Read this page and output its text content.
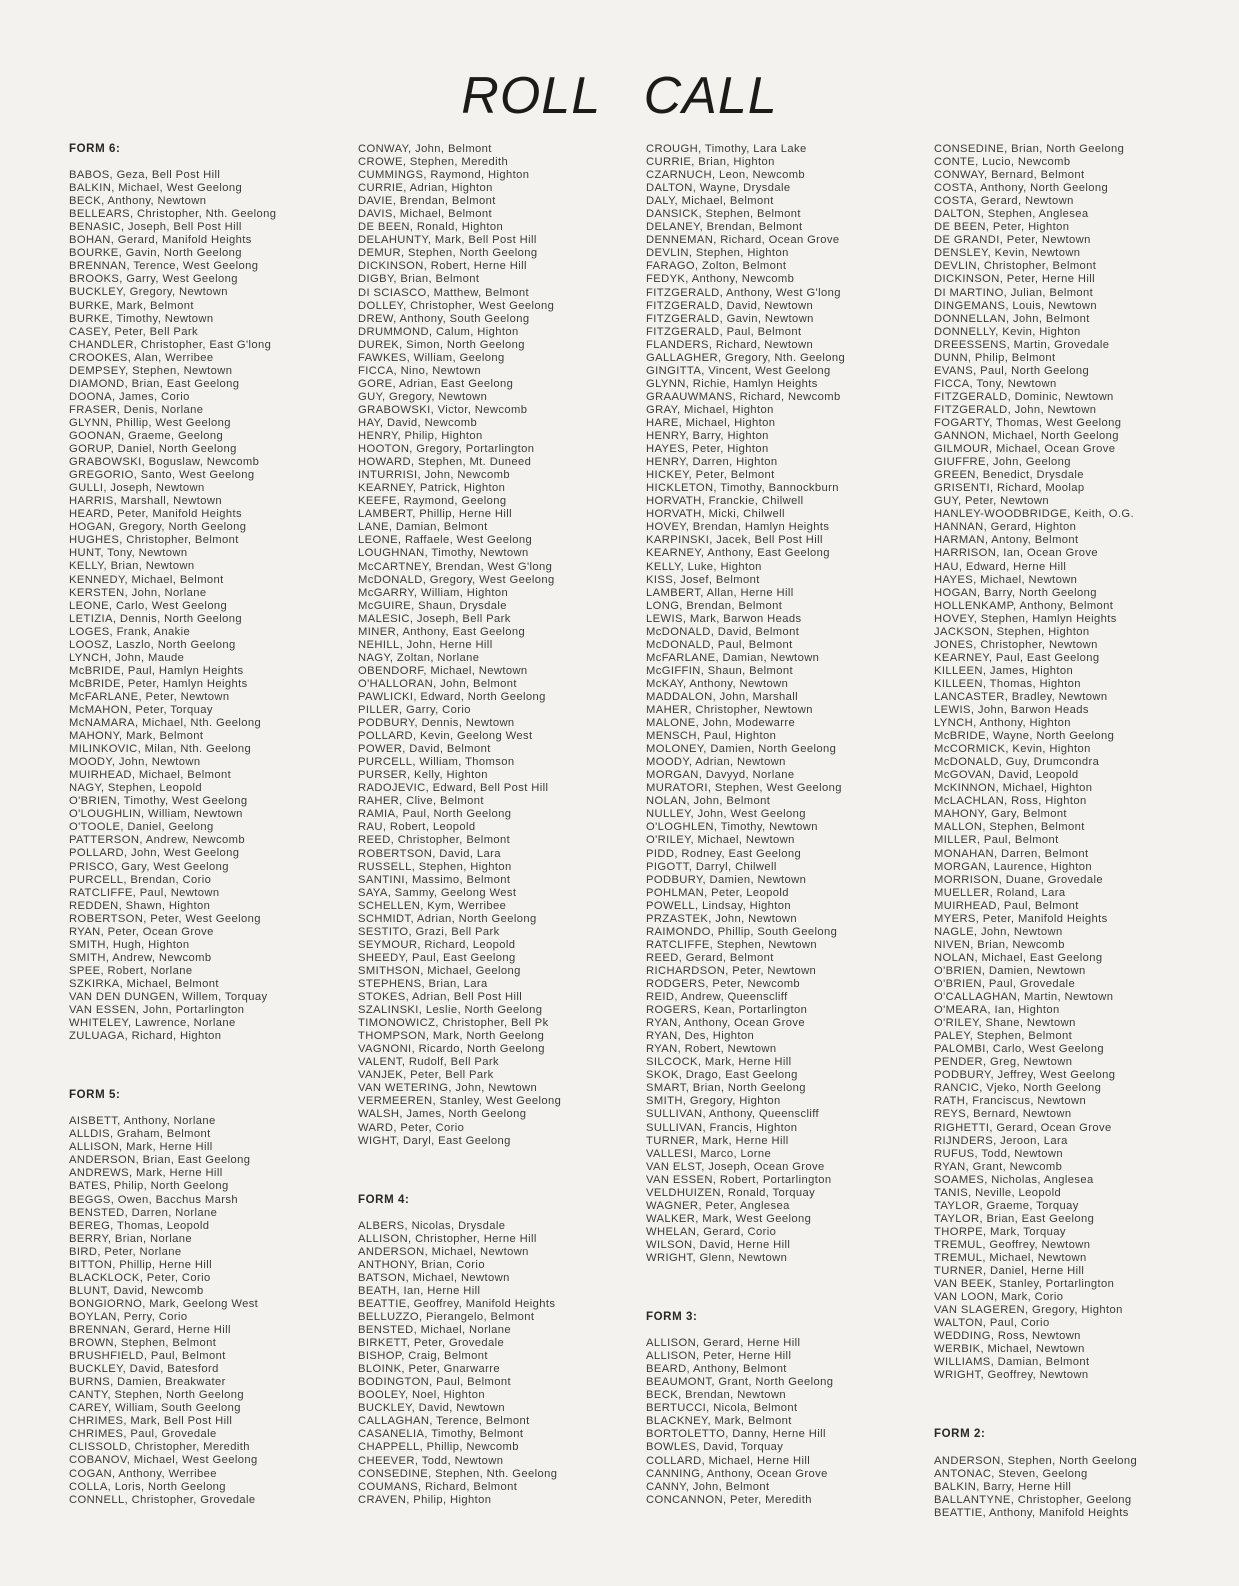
ROLL CALL
FORM 6:
BABOS, Geza, Bell Post Hill
BALKIN, Michael, West Geelong
BECK, Anthony, Newtown
BELLEARS, Christopher, Nth. Geelong
BENASIC, Joseph, Bell Post Hill
BOHAN, Gerard, Manifold Heights
BOURKE, Gavin, North Geelong
BRENNAN, Terence, West Geelong
BROOKS, Garry, West Geelong
BUCKLEY, Gregory, Newtown
BURKE, Mark, Belmont
BURKE, Timothy, Newtown
CASEY, Peter, Bell Park
CHANDLER, Christopher, East G'long
CROOKES, Alan, Werribee
DEMPSEY, Stephen, Newtown
DIAMOND, Brian, East Geelong
DOONA, James, Corio
FRASER, Denis, Norlane
GLYNN, Phillip, West Geelong
GOONAN, Graeme, Geelong
GORUP, Daniel, North Geelong
GRABOWSKI, Boguslaw, Newcomb
GREGORIO, Santo, West Geelong
GULLI, Joseph, Newtown
HARRIS, Marshall, Newtown
HEARD, Peter, Manifold Heights
HOGAN, Gregory, North Geelong
HUGHES, Christopher, Belmont
HUNT, Tony, Newtown
KELLY, Brian, Newtown
KENNEDY, Michael, Belmont
KERSTEN, John, Norlane
LEONE, Carlo, West Geelong
LETIZIA, Dennis, North Geelong
LOGES, Frank, Anakie
LOOSZ, Laszlo, North Geelong
LYNCH, John, Maude
McBRIDE, Paul, Hamlyn Heights
McBRIDE, Peter, Hamlyn Heights
McFARLANE, Peter, Newtown
McMAHON, Peter, Torquay
McNAMARA, Michael, Nth. Geelong
MAHONY, Mark, Belmont
MILINKOVIC, Milan, Nth. Geelong
MOODY, John, Newtown
MUIRHEAD, Michael, Belmont
NAGY, Stephen, Leopold
O'BRIEN, Timothy, West Geelong
O'LOUGHLIN, William, Newtown
O'TOOLE, Daniel, Geelong
PATTERSON, Andrew, Newcomb
POLLARD, John, West Geelong
PRISCO, Gary, West Geelong
PURCELL, Brendan, Corio
RATCLIFFE, Paul, Newtown
REDDEN, Shawn, Highton
ROBERTSON, Peter, West Geelong
RYAN, Peter, Ocean Grove
SMITH, Hugh, Highton
SMITH, Andrew, Newcomb
SPEE, Robert, Norlane
SZKIRKA, Michael, Belmont
VAN DEN DUNGEN, Willem, Torquay
VAN ESSEN, John, Portarlington
WHITELEY, Lawrence, Norlane
ZULUAGA, Richard, Highton
FORM 5:
AISBETT, Anthony, Norlane
ALLDIS, Graham, Belmont
ALLISON, Mark, Herne Hill
ANDERSON, Brian, East Geelong
ANDREWS, Mark, Herne Hill
BATES, Philip, North Geelong
BEGGS, Owen, Bacchus Marsh
BENSTED, Darren, Norlane
BEREG, Thomas, Leopold
BERRY, Brian, Norlane
BIRD, Peter, Norlane
BITTON, Phillip, Herne Hill
BLACKLOCK, Peter, Corio
BLUNT, David, Newcomb
BONGIORNO, Mark, Geelong West
BOYLAN, Perry, Corio
BRENNAN, Gerard, Herne Hill
BROWN, Stephen, Belmont
BRUSHFIELD, Paul, Belmont
BUCKLEY, David, Batesford
BURNS, Damien, Breakwater
CANTY, Stephen, North Geelong
CAREY, William, South Geelong
CHRIMES, Mark, Bell Post Hill
CHRIMES, Paul, Grovedale
CLISSOLD, Christopher, Meredith
COBANOV, Michael, West Geelong
COGAN, Anthony, Werribee
COLLA, Loris, North Geelong
CONNELL, Christopher, Grovedale
CONWAY, John, Belmont
CROWE, Stephen, Meredith
CUMMINGS, Raymond, Highton
CURRIE, Adrian, Highton
DAVIE, Brendan, Belmont
DAVIS, Michael, Belmont
DE BEEN, Ronald, Highton
DELAHUNTY, Mark, Bell Post Hill
DEMUR, Stephen, North Geelong
DICKINSON, Robert, Herne Hill
DIGBY, Brian, Belmont
DI SCIASCO, Matthew, Belmont
DOLLEY, Christopher, West Geelong
DREW, Anthony, South Geelong
DRUMMOND, Calum, Highton
DUREK, Simon, North Geelong
FAWKES, William, Geelong
FICCA, Nino, Newtown
GORE, Adrian, East Geelong
GUY, Gregory, Newtown
GRABOWSKI, Victor, Newcomb
HAY, David, Newcomb
HENRY, Philip, Highton
HOOTON, Gregory, Portarlington
HOWARD, Stephen, Mt. Duneed
INTURRISI, John, Newcomb
KEARNEY, Patrick, Highton
KEEFE, Raymond, Geelong
LAMBERT, Phillip, Herne Hill
LANE, Damian, Belmont
LEONE, Raffaele, West Geelong
LOUGHNAN, Timothy, Newtown
McCARTNEY, Brendan, West G'long
McDONALD, Gregory, West Geelong
McGARRY, William, Highton
McGUIRE, Shaun, Drysdale
MALESIC, Joseph, Bell Park
MINER, Anthony, East Geelong
NEHILL, John, Herne Hill
NAGY, Zoltan, Norlane
OBENDORF, Michael, Newtown
O'HALLORAN, John, Belmont
PAWLICKI, Edward, North Geelong
PILLER, Garry, Corio
PODBURY, Dennis, Newtown
POLLARD, Kevin, Geelong West
POWER, David, Belmont
PURCELL, William, Thomson
PURSER, Kelly, Highton
RADOJEVIC, Edward, Bell Post Hill
RAHER, Clive, Belmont
RAMIA, Paul, North Geelong
RAU, Robert, Leopold
REED, Christopher, Belmont
ROBERTSON, David, Lara
RUSSELL, Stephen, Highton
SANTINI, Massimo, Belmont
SAYA, Sammy, Geelong West
SCHELLEN, Kym, Werribee
SCHMIDT, Adrian, North Geelong
SESTITO, Grazi, Bell Park
SEYMOUR, Richard, Leopold
SHEEDY, Paul, East Geelong
SMITHSON, Michael, Geelong
STEPHENS, Brian, Lara
STOKES, Adrian, Bell Post Hill
SZALINSKI, Leslie, North Geelong
TIMONOWICZ, Christopher, Bell Pk
THOMPSON, Mark, North Geelong
VAGNONI, Ricardo, North Geelong
VALENT, Rudolf, Bell Park
VANJEK, Peter, Bell Park
VAN WETERING, John, Newtown
VERMEEREN, Stanley, West Geelong
WALSH, James, North Geelong
WARD, Peter, Corio
WIGHT, Daryl, East Geelong
FORM 4:
ALBERS, Nicolas, Drysdale
ALLISON, Christopher, Herne Hill
ANDERSON, Michael, Newtown
ANTHONY, Brian, Corio
BATSON, Michael, Newtown
BEATH, Ian, Herne Hill
BEATTIE, Geoffrey, Manifold Heights
BELLUZZO, Pierangelo, Belmont
BENSTED, Michael, Norlane
BIRKETT, Peter, Grovedale
BISHOP, Craig, Belmont
BLOINK, Peter, Gnarwarre
BODINGTON, Paul, Belmont
BOOLEY, Noel, Highton
BUCKLEY, David, Newtown
CALLAGHAN, Terence, Belmont
CASANELIA, Timothy, Belmont
CHAPPELL, Phillip, Newcomb
CHEEVER, Todd, Newtown
CONSEDINE, Stephen, Nth. Geelong
COUMANS, Richard, Belmont
CRAVEN, Philip, Highton
CROUGH, Timothy, Lara Lake
CURRIE, Brian, Highton
CZARNUCH, Leon, Newcomb
DALTON, Wayne, Drysdale
DALY, Michael, Belmont
DANSICK, Stephen, Belmont
DELANEY, Brendan, Belmont
DENNEMAN, Richard, Ocean Grove
DEVLIN, Stephen, Highton
FARAGO, Zolton, Belmont
FEDYK, Anthony, Newcomb
FITZGERALD, Anthony, West G'long
FITZGERALD, David, Newtown
FITZGERALD, Gavin, Newtown
FITZGERALD, Paul, Belmont
FLANDERS, Richard, Newtown
GALLAGHER, Gregory, Nth. Geelong
GINGITTA, Vincent, West Geelong
GLYNN, Richie, Hamlyn Heights
GRAAUWMANS, Richard, Newcomb
GRAY, Michael, Highton
HARE, Michael, Highton
HENRY, Barry, Highton
HAYES, Peter, Highton
HENRY, Darren, Highton
HICKEY, Peter, Belmont
HICKLETON, Timothy, Bannockburn
HORVATH, Franckie, Chilwell
HORVATH, Micki, Chilwell
HOVEY, Brendan, Hamlyn Heights
KARPINSKI, Jacek, Bell Post Hill
KEARNEY, Anthony, East Geelong
KELLY, Luke, Highton
KISS, Josef, Belmont
LAMBERT, Allan, Herne Hill
LONG, Brendan, Belmont
LEWIS, Mark, Barwon Heads
McDONALD, David, Belmont
McDONALD, Paul, Belmont
McFARLANE, Damian, Newtown
McGIFFIN, Shaun, Belmont
McKAY, Anthony, Newtown
MADDALON, John, Marshall
MAHER, Christopher, Newtown
MALONE, John, Modewarre
MENSCH, Paul, Highton
MOLONEY, Damien, North Geelong
MOODY, Adrian, Newtown
MORGAN, Davyyd, Norlane
MURATORI, Stephen, West Geelong
NOLAN, John, Belmont
NULLEY, John, West Geelong
O'LOGHLEN, Timothy, Newtown
O'RILEY, Michael, Newtown
PIDD, Rodney, East Geelong
PIGOTT, Darryl, Chilwell
PODBURY, Damien, Newtown
POHLMAN, Peter, Leopold
POWELL, Lindsay, Highton
PRZASTEK, John, Newtown
RAIMONDO, Phillip, South Geelong
RATCLIFFE, Stephen, Newtown
REED, Gerard, Belmont
RICHARDSON, Peter, Newtown
RODGERS, Peter, Newcomb
REID, Andrew, Queenscliff
ROGERS, Kean, Portarlington
RYAN, Anthony, Ocean Grove
RYAN, Des, Highton
RYAN, Robert, Newtown
SILCOCK, Mark, Herne Hill
SKOK, Drago, East Geelong
SMART, Brian, North Geelong
SMITH, Gregory, Highton
SULLIVAN, Anthony, Queenscliff
SULLIVAN, Francis, Highton
TURNER, Mark, Herne Hill
VALLESI, Marco, Lorne
VAN ELST, Joseph, Ocean Grove
VAN ESSEN, Robert, Portarlington
VELDHUIZEN, Ronald, Torquay
WAGNER, Peter, Anglesea
WALKER, Mark, West Geelong
WHELAN, Gerard, Corio
WILSON, David, Herne Hill
WRIGHT, Glenn, Newtown
FORM 3:
ALLISON, Gerard, Herne Hill
ALLISON, Peter, Herne Hill
BEARD, Anthony, Belmont
BEAUMONT, Grant, North Geelong
BECK, Brendan, Newtown
BERTUCCI, Nicola, Belmont
BLACKNEY, Mark, Belmont
BORTOLETTO, Danny, Herne Hill
BOWLES, David, Torquay
COLLARD, Michael, Herne Hill
CANNING, Anthony, Ocean Grove
CANNY, John, Belmont
CONCANNON, Peter, Meredith
CONSEDINE, Brian, North Geelong
CONTE, Lucio, Newcomb
CONWAY, Bernard, Belmont
COSTA, Anthony, North Geelong
COSTA, Gerard, Newtown
DALTON, Stephen, Anglesea
DE BEEN, Peter, Highton
DE GRANDI, Peter, Newtown
DENSLEY, Kevin, Newtown
DEVLIN, Christopher, Belmont
DICKINSON, Peter, Herne Hill
DI MARTINO, Julian, Belmont
DINGEMANS, Louis, Newtown
DONNELLAN, John, Belmont
DONNELLY, Kevin, Highton
DREESSENS, Martin, Grovedale
DUNN, Philip, Belmont
EVANS, Paul, North Geelong
FICCA, Tony, Newtown
FITZGERALD, Dominic, Newtown
FITZGERALD, John, Newtown
FOGARTY, Thomas, West Geelong
GANNON, Michael, North Geelong
GILMOUR, Michael, Ocean Grove
GIUFFRE, John, Geelong
GREEN, Benedict, Drysdale
GRISENTI, Richard, Moolap
GUY, Peter, Newtown
HANLEY-WOODBRIDGE, Keith, O.G.
HANNAN, Gerard, Highton
HARMAN, Antony, Belmont
HARRISON, Ian, Ocean Grove
HAU, Edward, Herne Hill
HAYES, Michael, Newtown
HOGAN, Barry, North Geelong
HOLLENKAMP, Anthony, Belmont
HOVEY, Stephen, Hamlyn Heights
JACKSON, Stephen, Highton
JONES, Christopher, Newtown
KEARNEY, Paul, East Geelong
KILLEEN, James, Highton
KILLEEN, Thomas, Highton
LANCASTER, Bradley, Newtown
LEWIS, John, Barwon Heads
LYNCH, Anthony, Highton
McBRIDE, Wayne, North Geelong
McCORMICK, Kevin, Highton
McDONALD, Guy, Drumcondra
McGOVAN, David, Leopold
McKINNON, Michael, Highton
McLACHLAN, Ross, Highton
MAHONY, Gary, Belmont
MALLON, Stephen, Belmont
MILLER, Paul, Belmont
MONAHAN, Darren, Belmont
MORGAN, Laurence, Highton
MORRISON, Duane, Grovedale
MUELLER, Roland, Lara
MUIRHEAD, Paul, Belmont
MYERS, Peter, Manifold Heights
NAGLE, John, Newtown
NIVEN, Brian, Newcomb
NOLAN, Michael, East Geelong
O'BRIEN, Damien, Newtown
O'BRIEN, Paul, Grovedale
O'CALLAGHAN, Martin, Newtown
O'MEARA, Ian, Highton
O'RILEY, Shane, Newtown
PALEY, Stephen, Belmont
PALOMBI, Carlo, West Geelong
PENDER, Greg, Newtown
PODBURY, Jeffrey, West Geelong
RANCIC, Vjeko, North Geelong
RATH, Franciscus, Newtown
REYS, Bernard, Newtown
RIGHETTI, Gerard, Ocean Grove
RIJNDERS, Jeroon, Lara
RUFUS, Todd, Newtown
RYAN, Grant, Newcomb
SOAMES, Nicholas, Anglesea
TANIS, Neville, Leopold
TAYLOR, Graeme, Torquay
TAYLOR, Brian, East Geelong
THORPE, Mark, Torquay
TREMUL, Geoffrey, Newtown
TREMUL, Michael, Newtown
TURNER, Daniel, Herne Hill
VAN BEEK, Stanley, Portarlington
VAN LOON, Mark, Corio
VAN SLAGEREN, Gregory, Highton
WALTON, Paul, Corio
WEDDING, Ross, Newtown
WERBIK, Michael, Newtown
WILLIAMS, Damian, Belmont
WRIGHT, Geoffrey, Newtown
FORM 2:
ANDERSON, Stephen, North Geelong
ANTONAC, Steven, Geelong
BALKIN, Barry, Herne Hill
BALLANTYNE, Christopher, Geelong
BEATTIE, Anthony, Manifold Heights
